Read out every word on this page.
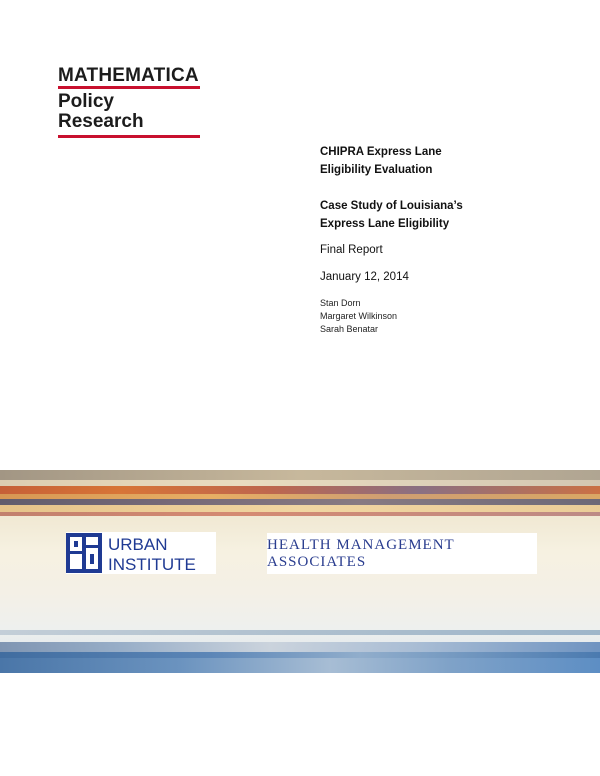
MATHEMATICA
Policy Research
CHIPRA Express Lane
Eligibility Evaluation
Case Study of Louisiana’s
Express Lane Eligibility
Final Report
January 12, 2014
Stan Dorn
Margaret Wilkinson
Sarah Benatar
URBAN
INSTITUTE
HEALTH MANAGEMENT ASSOCIATES
